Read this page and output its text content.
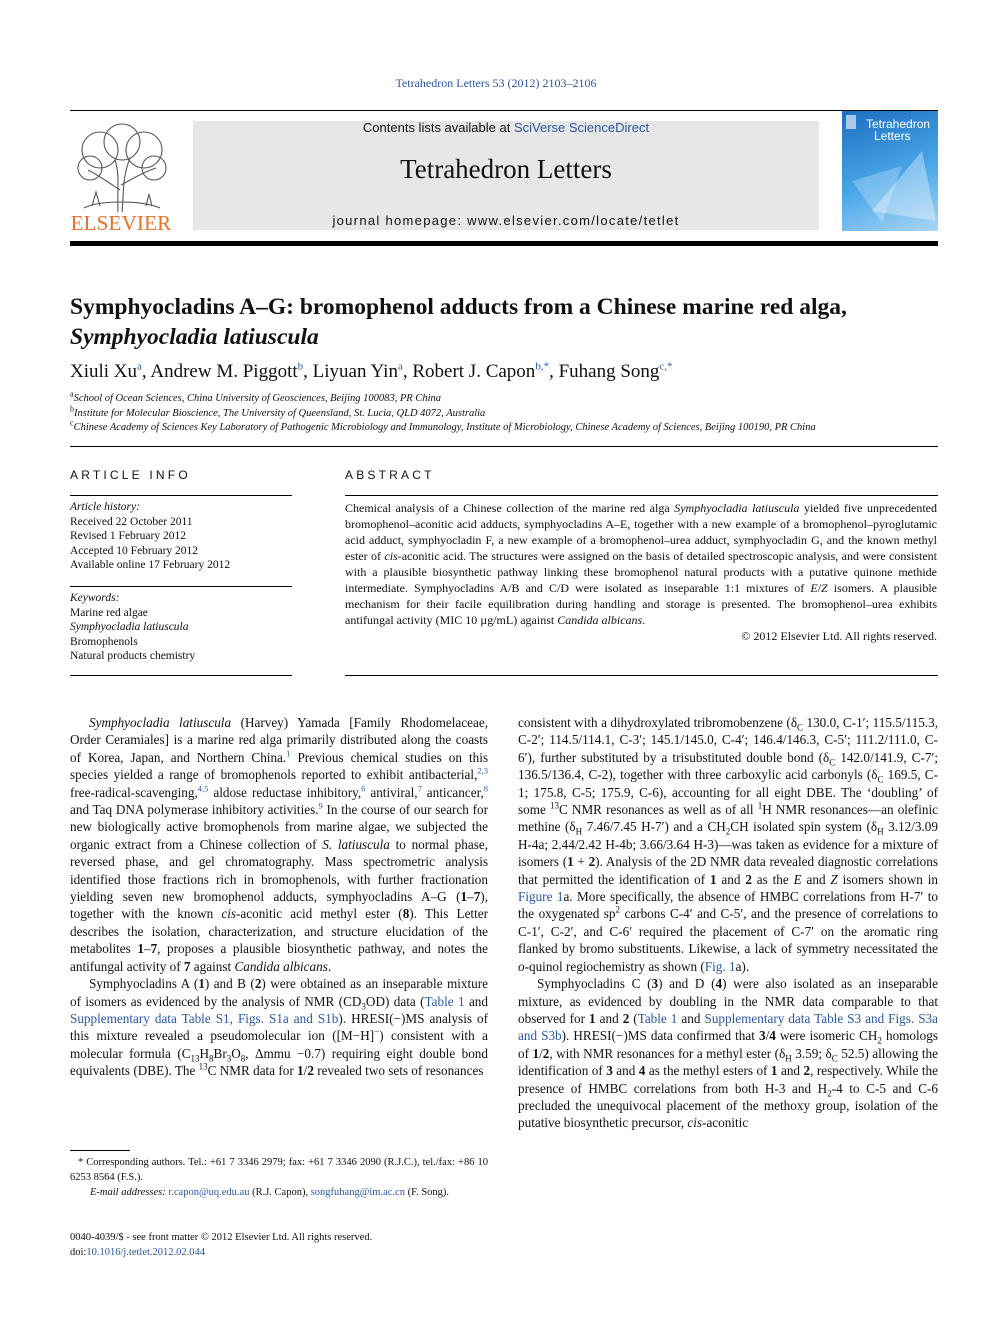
Tetrahedron Letters 53 (2012) 2103–2106
ELSEVIER
Contents lists available at SciVerse ScienceDirect
Tetrahedron Letters
journal homepage: www.elsevier.com/locate/tetlet
Tetrahedron
Letters
Symphyocladins A–G: bromophenol adducts from a Chinese marine red alga,
Symphyocladia latiuscula
Xiuli Xu$^a$, Andrew M. Piggott$^b$, Liyuan Yin$^a$, Robert J. Capon$^{b,*}$, Fuhang Song$^{c,*}$
$^a$School of Ocean Sciences, China University of Geosciences, Beijing 100083, PR China
$^b$Institute for Molecular Bioscience, The University of Queensland, St. Lucia, QLD 4072, Australia
$^c$Chinese Academy of Sciences Key Laboratory of Pathogenic Microbiology and Immunology, Institute of Microbiology, Chinese Academy of Sciences, Beijing 100190, PR China
ARTICLE INFO
Article history:
Received 22 October 2011
Revised 1 February 2012
Accepted 10 February 2012
Available online 17 February 2012
Keywords:
Marine red algae
Symphyocladia latiuscula
Bromophenols
Natural products chemistry
ABSTRACT
Chemical analysis of a Chinese collection of the marine red alga Symphyocladia latiuscula yielded five unprecedented bromophenol–aconitic acid adducts, symphyocladins A–E, together with a new example of a bromophenol–pyroglutamic acid adduct, symphyocladin F, a new example of a bromophenol–urea adduct, symphyocladin G, and the known methyl ester of cis-aconitic acid. The structures were assigned on the basis of detailed spectroscopic analysis, and were consistent with a plausible biosynthetic pathway linking these bromophenol natural products with a putative quinone methide intermediate. Symphyocladins A/B and C/D were isolated as inseparable 1:1 mixtures of E/Z isomers. A plausible mechanism for their facile equilibration during handling and storage is presented. The bromophenol–urea exhibits antifungal activity (MIC 10 µg/mL) against Candida albicans.
© 2012 Elsevier Ltd. All rights reserved.

Symphyocladia latiuscula (Harvey) Yamada [Family Rhodomelaceae, Order Ceramiales] is a marine red alga primarily distributed along the coasts of Korea, Japan, and Northern China.$^1$ Previous chemical studies on this species yielded a range of bromophenols reported to exhibit antibacterial,$^{2,3}$ free-radical-scavenging,$^{4,5}$ aldose reductase inhibitory,$^6$ antiviral,$^7$ anticancer,$^8$ and Taq DNA polymerase inhibitory activities.$^9$ In the course of our search for new biologically active bromophenols from marine algae, we subjected the organic extract from a Chinese collection of S. latiuscula to normal phase, reversed phase, and gel chromatography. Mass spectrometric analysis identified those fractions rich in bromophenols, with further fractionation yielding seven new bromophenol adducts, symphyocladins A–G (1–7), together with the known cis-aconitic acid methyl ester (8). This Letter describes the isolation, characterization, and structure elucidation of the metabolites 1–7, proposes a plausible biosynthetic pathway, and notes the antifungal activity of 7 against Candida albicans.

Symphyocladins A (1) and B (2) were obtained as an inseparable mixture of isomers as evidenced by the analysis of NMR $(CD_3OD)$ data (Table 1 and Supplementary data Table S1, Figs. S1a and S1b). HRESI(−)MS analysis of this mixture revealed a pseudomolecular ion ([M−H]−) consistent with a molecular formula ($C_{13}H_8Br_3O_8$, Δmmu −0.7) requiring eight double bond equivalents (DBE). The $^{13}$C NMR data for 1/2 revealed two sets of resonances

consistent with a dihydroxylated tribromobenzene ($\delta_C$ 130.0, C-1′; 115.5/115.3, C-2′; 114.5/114.1, C-3′; 145.1/145.0, C-4′; 146.4/146.3, C-5′; 111.2/111.0, C-6′), further substituted by a trisubstituted double bond ($\delta_C$ 142.0/141.9, C-7′; 136.5/136.4, C-2), together with three carboxylic acid carbonyls ($\delta_C$ 169.5, C-1; 175.8, C-5; 175.9, C-6), accounting for all eight DBE. The ‘doubling’ of some $^{13}$C NMR resonances as well as of all $^1$H NMR resonances—an olefinic methine ($\delta_H$ 7.46/7.45 H-7′) and a $CH_2CH$ isolated spin system ($\delta_H$ 3.12/3.09 H-4a; 2.44/2.42 H-4b; 3.66/3.64 H-3)—was taken as evidence for a mixture of isomers (1 + 2). Analysis of the 2D NMR data revealed diagnostic correlations that permitted the identification of 1 and 2 as the E and Z isomers shown in Figure 1a. More specifically, the absence of HMBC correlations from H-7′ to the oxygenated $sp^2$ carbons C-4′ and C-5′, and the presence of correlations to C-1′, C-2′, and C-6′ required the placement of C-7′ on the aromatic ring flanked by bromo substituents. Likewise, a lack of symmetry necessitated the o-quinol regiochemistry as shown (Fig. 1a).

Symphyocladins C (3) and D (4) were also isolated as an inseparable mixture, as evidenced by doubling in the NMR data comparable to that observed for 1 and 2 (Table 1 and Supplementary data Table S3 and Figs. S3a and S3b). HRESI(−)MS data confirmed that 3/4 were isomeric $CH_2$ homologs of 1/2, with NMR resonances for a methyl ester ($\delta_H$ 3.59; $\delta_C$ 52.5) allowing the identification of 3 and 4 as the methyl esters of 1 and 2, respectively. While the presence of HMBC correlations from both H-3 and $H_2-4$ to C-5 and C-6 precluded the unequivocal placement of the methoxy group, isolation of the putative biosynthetic precursor, cis-aconitic

* Corresponding authors. Tel.: +61 7 3346 2979; fax: +61 7 3346 2090 (R.J.C.), tel./fax: +86 10 6253 8564 (F.S.).
E-mail addresses: r.capon@uq.edu.au (R.J. Capon), songfuhang@im.ac.cn (F. Song).
0040-4039/$ - see front matter © 2012 Elsevier Ltd. All rights reserved.
doi:10.1016/j.tetlet.2012.02.044
